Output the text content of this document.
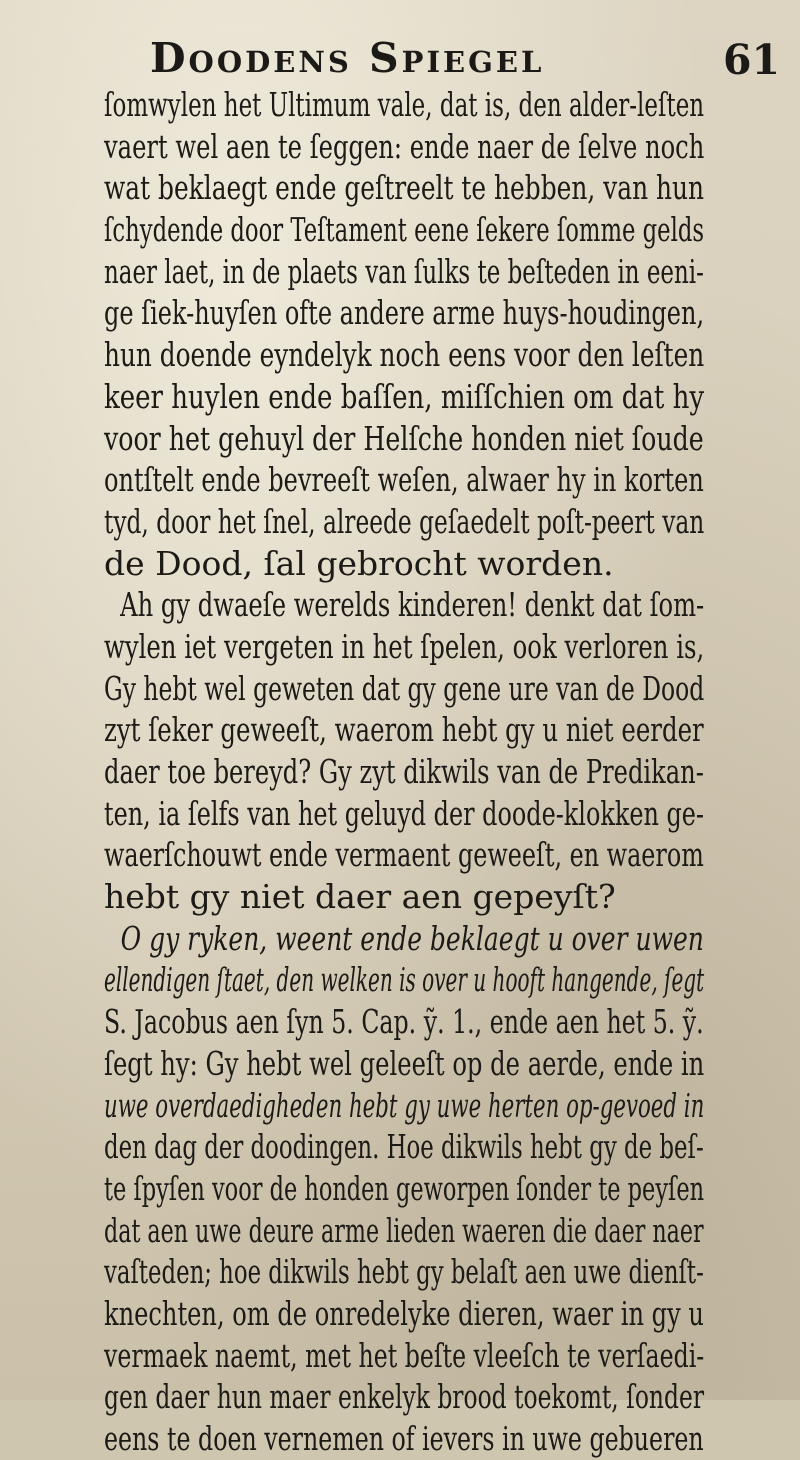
Doodens Spiegel	61
ſomwylen het Ultimum vale, dat is, den alder-leſten
vaert wel aen te ſeggen: ende naer de ſelve noch
wat beklaegt ende geſtreelt te hebben, van hun
ſchydende door Teſtament eene ſekere ſomme gelds
naer laet, in de plaets van ſulks te beſteden in eeni-
ge ſiek-huyſen ofte andere arme huys-houdingen,
hun doende eyndelyk noch eens voor den leſten
keer huylen ende baſſen, miſſchien om dat hy
voor het gehuyl der Helſche honden niet ſoude
ontſtelt ende bevreeſt weſen, alwaer hy in korten
tyd, door het ſnel, alreede geſaedelt poſt-peert van
de Dood, ſal gebrocht worden.
Ah gy dwaeſe werelds kinderen! denkt dat ſom-
wylen iet vergeten in het ſpelen, ook verloren is,
Gy hebt wel geweten dat gy gene ure van de Dood
zyt ſeker geweeſt, waerom hebt gy u niet eerder
daer toe bereyd? Gy zyt dikwils van de Predikan-
ten, ia ſelfs van het geluyd der doode-klokken ge-
waerſchouwt ende vermaent geweeſt, en waerom
hebt gy niet daer aen gepeyſt?
O gy ryken, weent ende beklaegt u over uwen
ellendigen ſtaet, den welken is over u hooft hangende, ſegt
S. Jacobus aen ſyn 5. Cap. ỹ. 1., ende aen het 5. ỹ.
ſegt hy: Gy hebt wel geleeſt op de aerde, ende in
uwe overdaedigheden hebt gy uwe herten op-gevoed in
den dag der doodingen. Hoe dikwils hebt gy de beſ-
te ſpyſen voor de honden geworpen ſonder te peyſen
dat aen uwe deure arme lieden waeren die daer naer
vaſteden; hoe dikwils hebt gy belaſt aen uwe dienſt-
knechten, om de onredelyke dieren, waer in gy u
vermaek naemt, met het beſte vleeſch te verſaedi-
gen daer hun maer enkelyk brood toekomt, ſonder
eens te doen vernemen of ievers in uwe gebueren
